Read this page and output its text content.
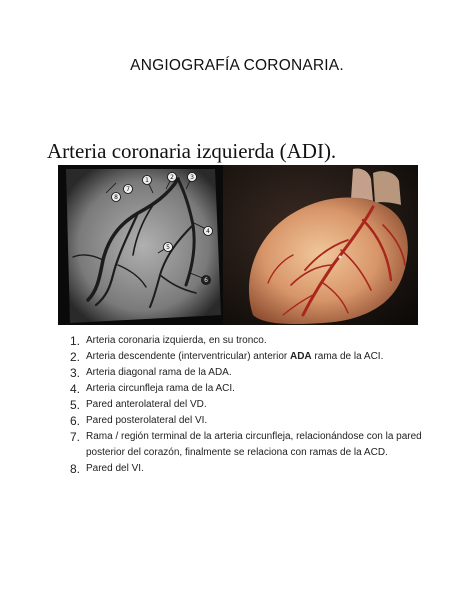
ANGIOGRAFÍA CORONARIA.
Arteria coronaria izquierda (ADI).
8
1	2	3
4
5
6
7
1. Arteria coronaria izquierda, en su tronco.
2. Arteria descendente (interventricular) anterior ADA rama de la ACI.
3. Arteria diagonal rama de la ADA.
4. Arteria circunfleja rama de la ACI.
5. Pared anterolateral del VD.
6. Pared posterolateral del VI.
7. Rama / región terminal de la arteria circunfleja, relacionándose con la pared
posterior del corazón, finalmente se relaciona con ramas de la ACD.
8. Pared del VI.
